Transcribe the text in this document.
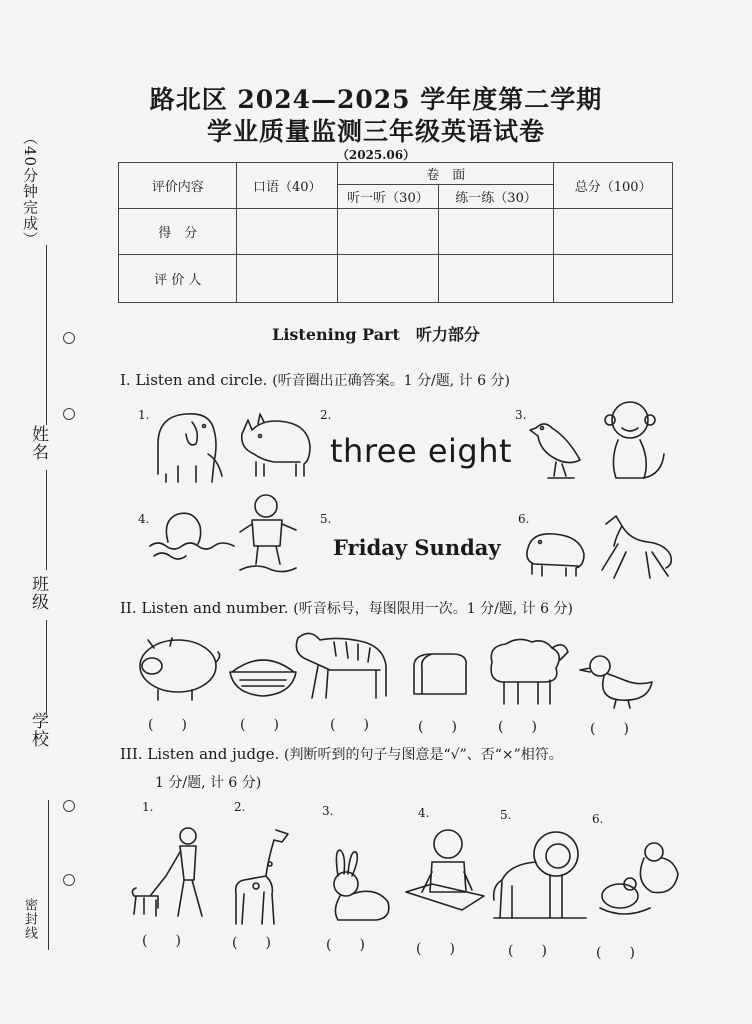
（40分钟完成）
姓名
班级
学校
密封线
路北区 2024—2025 学年度第二学期
学业质量监测三年级英语试卷
（2025.06）
评价内容	口语（40）	卷　面		总分（100）
		听一听（30）	练一练（30）	
得　分				
评 价 人				
Listening Part　听力部分
I. Listen and circle. (听音圈出正确答案。1 分/题, 计 6 分)
1.	2.
three eight
3.
4.	5.
Friday Sunday
6.
II. Listen and number. (听音标号，每图限用一次。1 分/题, 计 6 分)
(　　)	(　　)	(　　)	(　　)	(　　)	(　　)
III. Listen and judge. (判断听到的句子与图意是“√”、否“×”相符。
1 分/题, 计 6 分)
1.	2.	3.	4.	5.	6.
(　　)	(　　)	(　　)	(　　)	(　　)	(　　)
